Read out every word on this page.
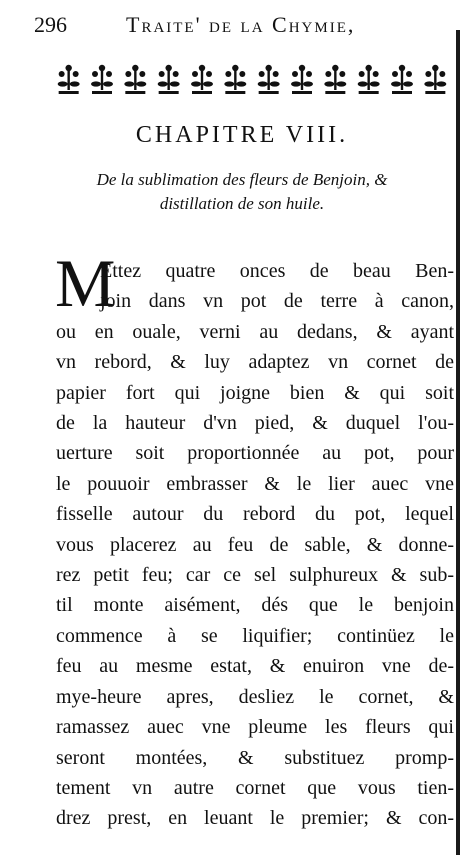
296	Traite' de la Chymie,
CHAPITRE VIII.
De la sublimation des fleurs de Benjoin, &
distillation de son huile.
M
Ettez quatre onces de beau Ben-
join dans vn pot de terre à canon,
ou en ouale, verni au dedans, & ayant
vn rebord, & luy adaptez vn cornet de
papier fort qui joigne bien & qui soit
de la hauteur d'vn pied, & duquel l'ou-
uerture soit proportionnée au pot, pour
le pouuoir embrasser & le lier auec vne
fisselle autour du rebord du pot, lequel
vous placerez au feu de sable, & donne-
rez petit feu; car ce sel sulphureux & sub-
til monte aisément, dés que le benjoin
commence à se liquifier; continüez le
feu au mesme estat, & enuiron vne de-
mye-heure apres, desliez le cornet, &
ramassez auec vne pleume les fleurs qui
seront montées, & substituez promp-
tement vn autre cornet que vous tien-
drez prest, en leuant le premier; & con-
